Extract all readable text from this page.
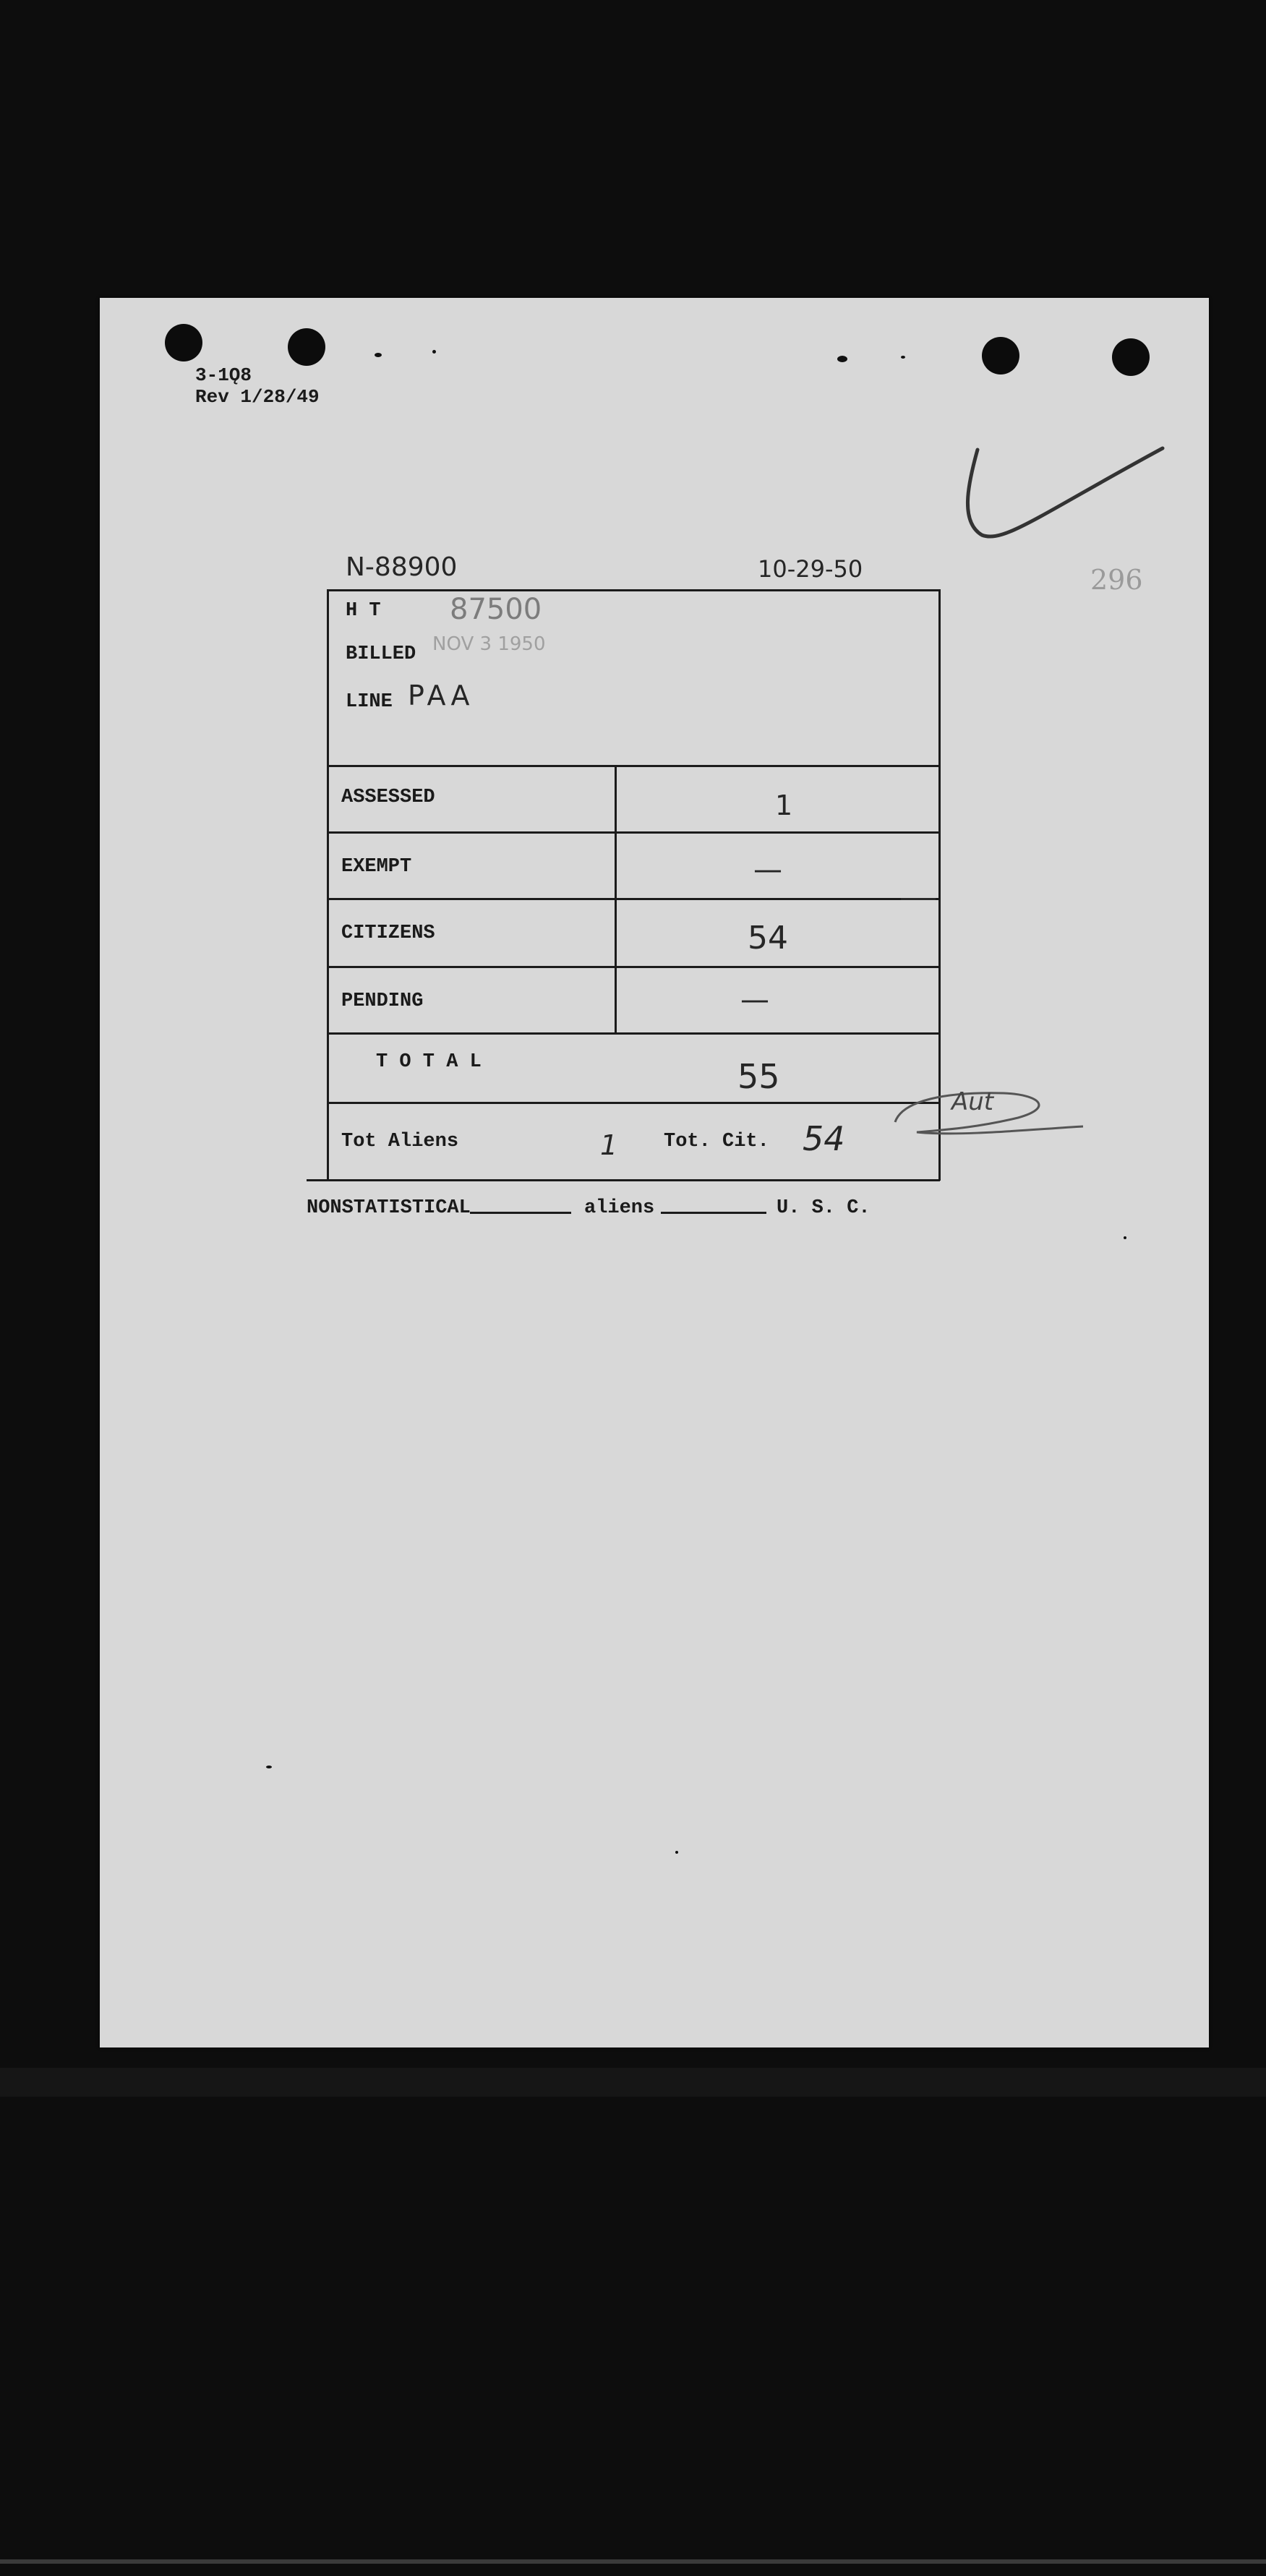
3-1Ǫ8
Rev 1/28/49
296
N-88900	10-29-50
H T 87500
BILLED NOV 3 1950
LINE PAA
ASSESSED	1
EXEMPT	—
CITIZENS	54
PENDING	—
T O T A L	55
Tot Aliens	1 Tot. Cit. 54
Aut
NONSTATISTICAL	aliens	U. S. C.
